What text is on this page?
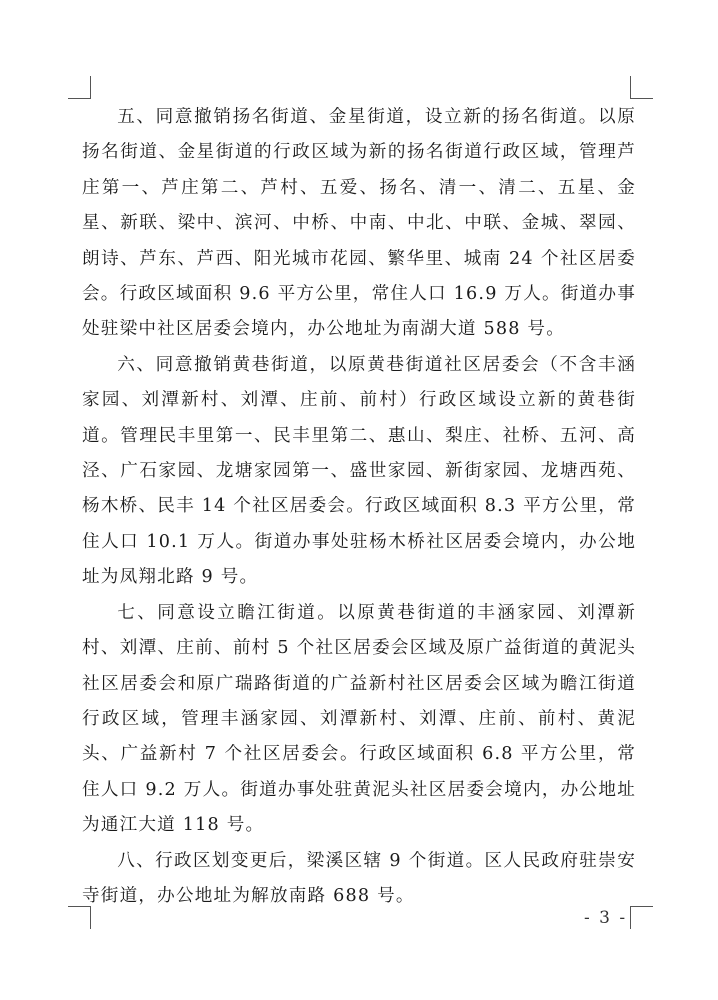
五、同意撤销扬名街道、金星街道，设立新的扬名街道。以原扬名街道、金星街道的行政区域为新的扬名街道行政区域，管理芦庄第一、芦庄第二、芦村、五爱、扬名、清一、清二、五星、金星、新联、梁中、滨河、中桥、中南、中北、中联、金城、翠园、朗诗、芦东、芦西、阳光城市花园、繁华里、城南 24 个社区居委会。行政区域面积 9.6 平方公里，常住人口 16.9 万人。街道办事处驻梁中社区居委会境内，办公地址为南湖大道 588 号。

六、同意撤销黄巷街道，以原黄巷街道社区居委会（不含丰涵家园、刘潭新村、刘潭、庄前、前村）行政区域设立新的黄巷街道。管理民丰里第一、民丰里第二、惠山、梨庄、社桥、五河、高泾、广石家园、龙塘家园第一、盛世家园、新街家园、龙塘西苑、杨木桥、民丰 14 个社区居委会。行政区域面积 8.3 平方公里，常住人口 10.1 万人。街道办事处驻杨木桥社区居委会境内，办公地址为凤翔北路 9 号。

七、同意设立瞻江街道。以原黄巷街道的丰涵家园、刘潭新村、刘潭、庄前、前村 5 个社区居委会区域及原广益街道的黄泥头社区居委会和原广瑞路街道的广益新村社区居委会区域为瞻江街道行政区域，管理丰涵家园、刘潭新村、刘潭、庄前、前村、黄泥头、广益新村 7 个社区居委会。行政区域面积 6.8 平方公里，常住人口 9.2 万人。街道办事处驻黄泥头社区居委会境内，办公地址为通江大道 118 号。

八、行政区划变更后，梁溪区辖 9 个街道。区人民政府驻崇安寺街道，办公地址为解放南路 688 号。

- 3 -
